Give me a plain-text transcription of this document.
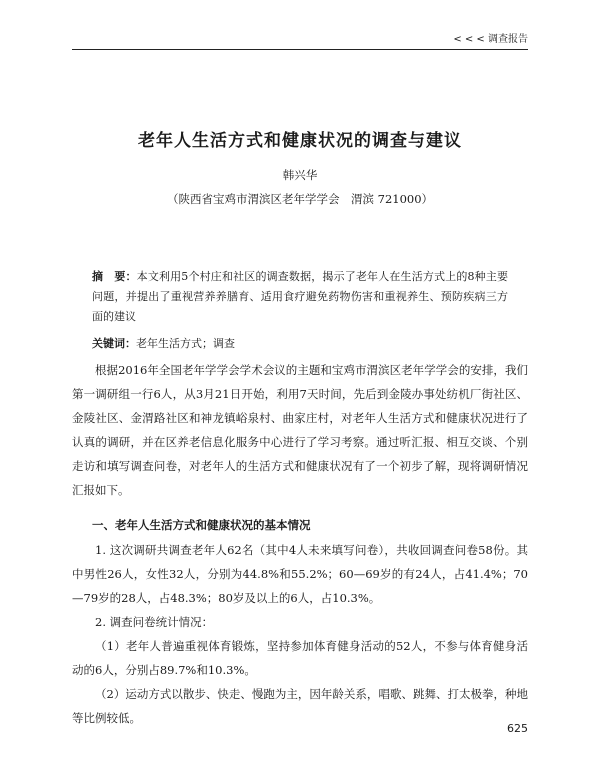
< < < 调查报告
老年人生活方式和健康状况的调查与建议
韩兴华
（陕西省宝鸡市渭滨区老年学学会　渭滨 721000）
摘　要：本文利用5个村庄和社区的调查数据，揭示了老年人在生活方式上的8种主要问题，并提出了重视营养养膳育、适用食疗避免药物伤害和重视养生、预防疾病三方面的建议
关键词：老年生活方式；调查

根据2016年全国老年学学会学术会议的主题和宝鸡市渭滨区老年学学会的安排，我们第一调研组一行6人，从3月21日开始，利用7天时间，先后到金陵办事处纺机厂街社区、金陵社区、金渭路社区和神龙镇峪泉村、曲家庄村，对老年人生活方式和健康状况进行了认真的调研，并在区养老信息化服务中心进行了学习考察。通过听汇报、相互交谈、个别走访和填写调查问卷，对老年人的生活方式和健康状况有了一个初步了解，现将调研情况汇报如下。

一、老年人生活方式和健康状况的基本情况

1. 这次调研共调查老年人62名（其中4人未来填写问卷），共收回调查问卷58份。其中男性26人，女性32人，分别为44.8%和55.2%；60—69岁的有24人，占41.4%；70—79岁的28人，占48.3%；80岁及以上的6人，占10.3%。

2. 调查问卷统计情况：

（1）老年人普遍重视体育锻炼，坚持参加体育健身活动的52人，不参与体育健身活动的6人，分别占89.7%和10.3%。

（2）运动方式以散步、快走、慢跑为主，因年龄关系，唱歌、跳舞、打太极拳，种地等比例较低。

625
